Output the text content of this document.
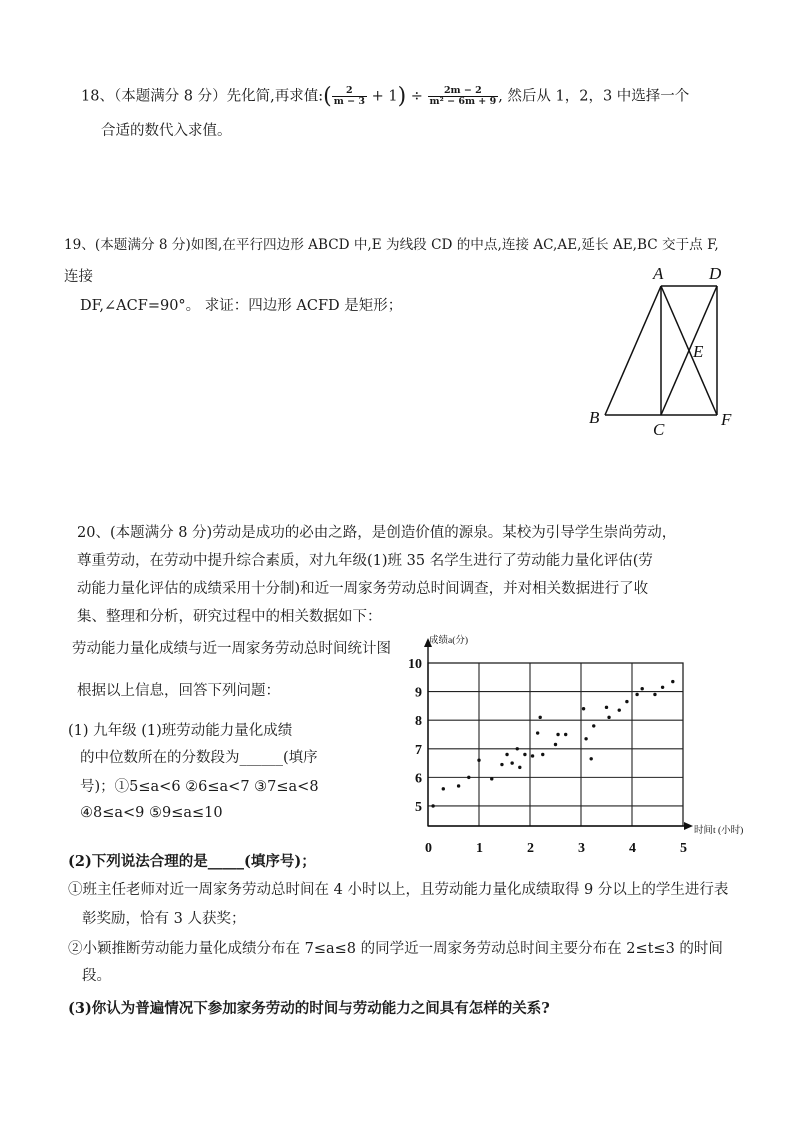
18、（本题满分 8 分）先化简,再求值:( $\frac{2}{m - 3} + 1) \div \frac{2m - 2}{\text{m² − 6m + 9}}$ , 然后从 1，2，3 中选择一个
合适的数代入求值。
19、(本题满分 8 分)如图,在平行四边形 ABCD 中,E 为线段 CD 的中点,连接 AC,AE,延长 AE,BC 交于点 F,
连接
DF,∠ACF=90°。 求证：四边形 ACFD 是矩形；
A	D
E
B
C
F
20、(本题满分 8 分)劳动是成功的必由之路，是创造价值的源泉。某校为引导学生崇尚劳动，
尊重劳动，在劳动中提升综合素质，对九年级(1)班 35 名学生进行了劳动能力量化评估(劳
动能力量化评估的成绩采用十分制)和近一周家务劳动总时间调查，并对相关数据进行了收
集、整理和分析，研究过程中的相关数据如下：
劳动能力量化成绩与近一周家务劳动总时间统计图
根据以上信息，回答下列问题：
(1) 九年级 (1)班劳动能力量化成绩
的中位数所在的分数段为______(填序
号)；①5≤a<6 ②6≤a<7 ③7≤a<8
④8≤a<9 ⑤9≤a≤10
(2)下列说法合理的是_____(填序号)；
①班主任老师对近一周家务劳动总时间在 4 小时以上，且劳动能力量化成绩取得 9 分以上的学生进行表
彰奖励，恰有 3 人获奖；
②小颖推断劳动能力量化成绩分布在 7≤a≤8 的同学近一周家务劳动总时间主要分布在 2≤t≤3 的时间
段。
(3)你认为普遍情况下参加家务劳动的时间与劳动能力之间具有怎样的关系?
5
6
7
8
9
10
0	1	2	3	4	5
成绩a(分)
时间t (小时)
